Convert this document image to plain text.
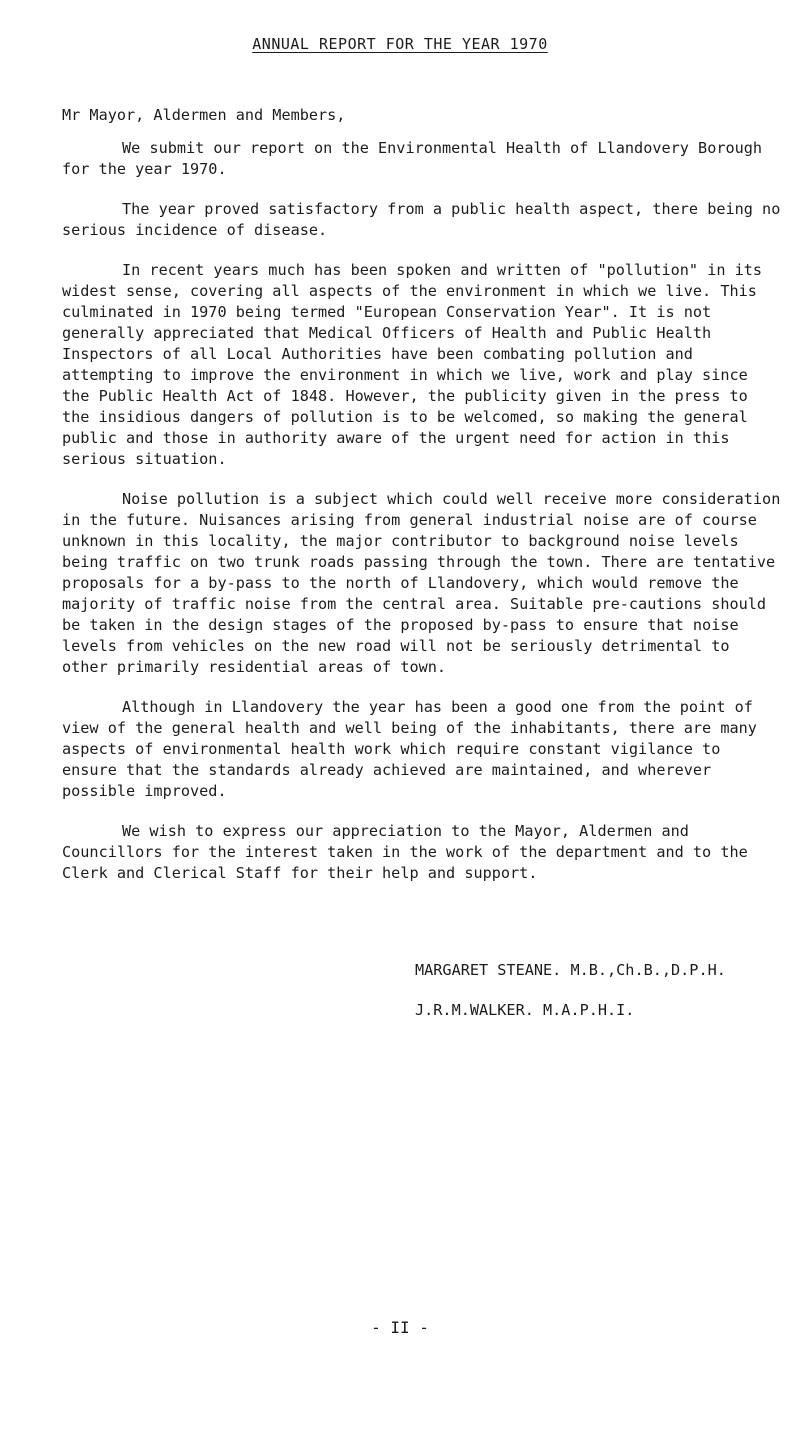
ANNUAL REPORT FOR THE YEAR 1970

Mr Mayor, Aldermen and Members,

We submit our report on the Environmental Health of Llandovery Borough for the year 1970.

The year proved satisfactory from a public health aspect, there being no serious incidence of disease.

In recent years much has been spoken and written of "pollution" in its widest sense, covering all aspects of the environment in which we live. This culminated in 1970 being termed "European Conservation Year". It is not generally appreciated that Medical Officers of Health and Public Health Inspectors of all Local Authorities have been combating pollution and attempting to improve the environment in which we live, work and play since the Public Health Act of 1848. However, the publicity given in the press to the insidious dangers of pollution is to be welcomed, so making the general public and those in authority aware of the urgent need for action in this serious situation.

Noise pollution is a subject which could well receive more consideration in the future. Nuisances arising from general industrial noise are of course unknown in this locality, the major contributor to background noise levels being traffic on two trunk roads passing through the town. There are tentative proposals for a by-pass to the north of Llandovery, which would remove the majority of traffic noise from the central area. Suitable pre-cautions should be taken in the design stages of the proposed by-pass to ensure that noise levels from vehicles on the new road will not be seriously detrimental to other primarily residential areas of town.

Although in Llandovery the year has been a good one from the point of view of the general health and well being of the inhabitants, there are many aspects of environmental health work which require constant vigilance to ensure that the standards already achieved are maintained, and wherever possible improved.

We wish to express our appreciation to the Mayor, Aldermen and Councillors for the interest taken in the work of the department and to the Clerk and Clerical Staff for their help and support.

MARGARET STEANE. M.B.,Ch.B.,D.P.H.
J.R.M.WALKER. M.A.P.H.I.
- II -
